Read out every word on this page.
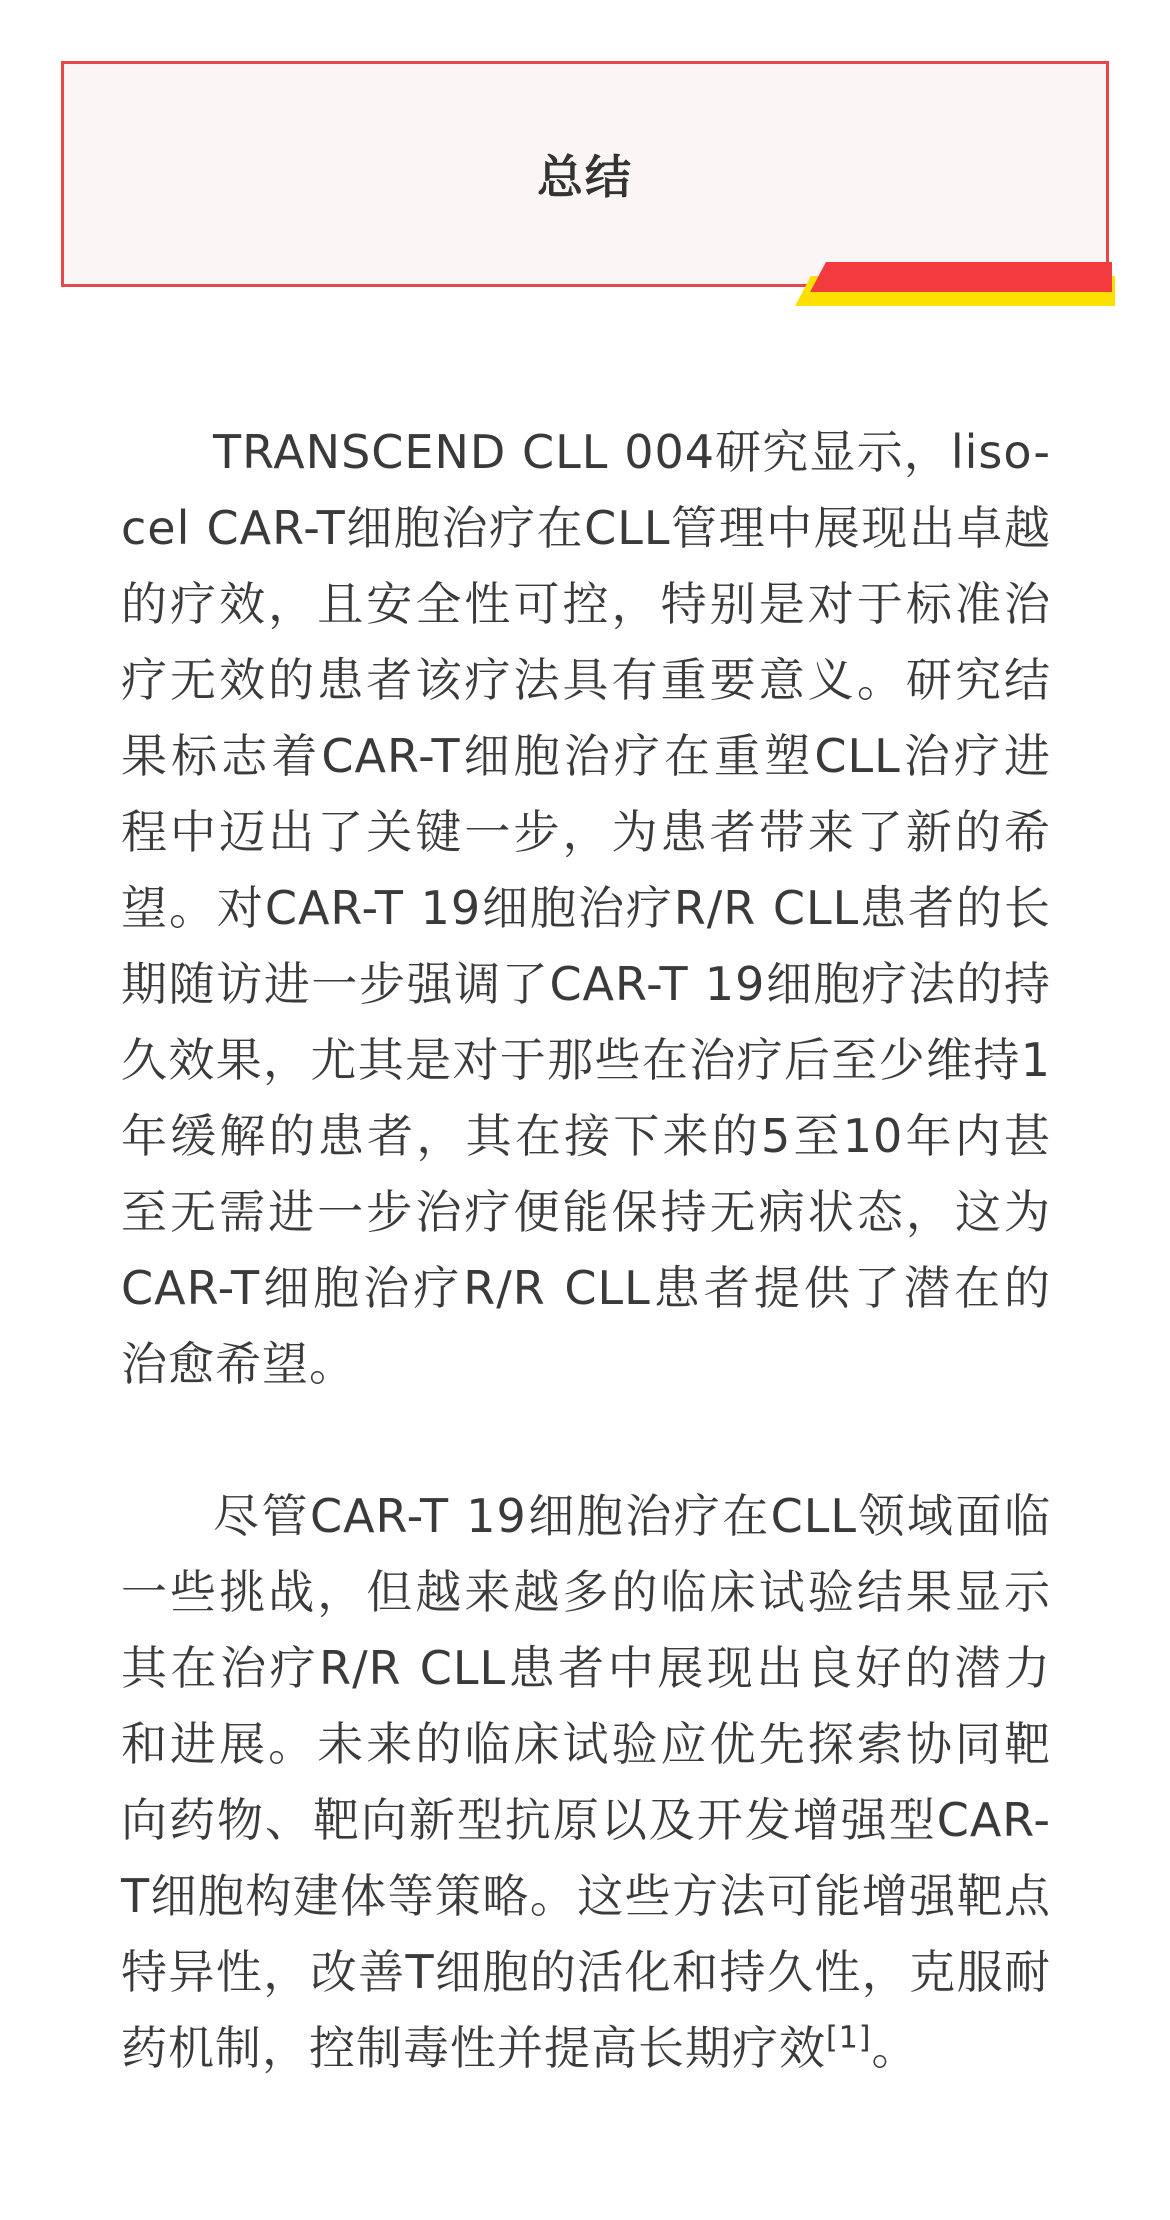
总结

TRANSCEND CLL 004研究显示，liso-cel CAR-T细胞治疗在CLL管理中展现出卓越的疗效，且安全性可控，特别是对于标准治疗无效的患者该疗法具有重要意义。研究结果标志着CAR-T细胞治疗在重塑CLL治疗进程中迈出了关键一步，为患者带来了新的希望。对CAR-T 19细胞治疗R/R CLL患者的长期随访进一步强调了CAR-T 19细胞疗法的持久效果，尤其是对于那些在治疗后至少维持1年缓解的患者，其在接下来的5至10年内甚至无需进一步治疗便能保持无病状态，这为CAR-T细胞治疗R/R CLL患者提供了潜在的治愈希望。

尽管CAR-T 19细胞治疗在CLL领域面临一些挑战，但越来越多的临床试验结果显示其在治疗R/R CLL患者中展现出良好的潜力和进展。未来的临床试验应优先探索协同靶向药物、靶向新型抗原以及开发增强型CAR-T细胞构建体等策略。这些方法可能增强靶点特异性，改善T细胞的活化和持久性，克服耐药机制，控制毒性并提高长期疗效[1]。
